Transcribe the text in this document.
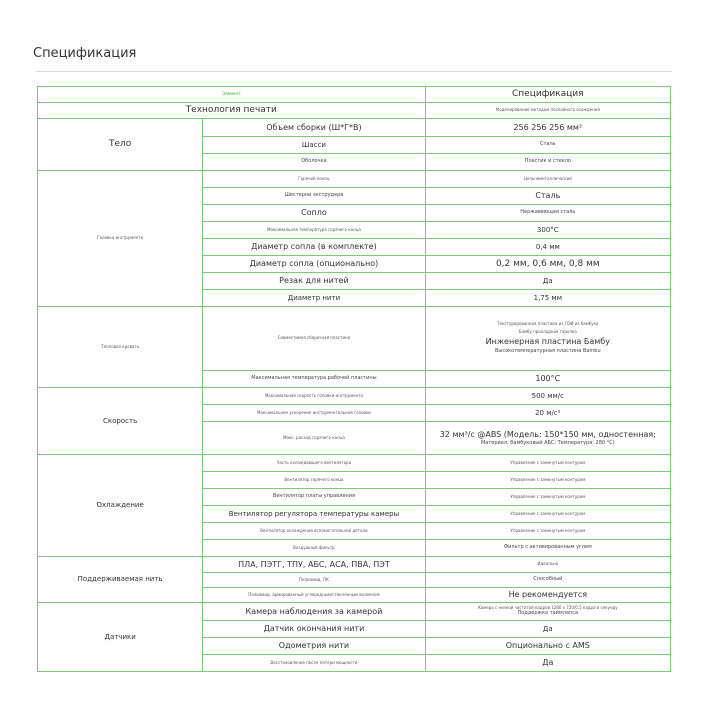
Спецификация
Элемент		Спецификация
Технология печати		Моделирование методом послойного осаждения
Тело	Объем сборки (Ш*Г*В)	256 256 256 мм²
	Шасси	Сталь
	Оболочка	Пластик и стекло
Головка инструмента	Горячий конец	Цельнометаллический
	Шестерни экструдера	Сталь
	Сопло	Нержавеющая сталь
	Максимальная температура горячего конца	300°C
	Диаметр сопла (в комплекте)	0,4 мм
	Диаметр сопла (опционально)	0,2 мм, 0,6 мм, 0,8 мм
	Резак для нитей	Да
	Диаметр нити	1,75 мм
Тепловая кровать	Совместимая сборочная пластина	Текстурированная пластина из ПЭИ из бамбука
Бамбу прохладная тарелка
Инженерная пластина Бамбу
Высокотемпературная пластина Bambu

	Максимальная температура рабочей пластины	100°C
Скорость	Максимальная скорость головки инструмента	500 мм/с
	Максимальное ускорение инструментальной головки	20 м/с²
	Макс. расход горячего конца	32 мм³/с @ABS (Модель: 150*150 мм, одностенная;
Материал: бамбуковый АБС; Температура: 280 °C)

Охлаждение	Часть охлаждающего вентилятора	Управление с замкнутым контуром
	Вентилятор горячего конца	Управление с замкнутым контуром
	Вентилятор платы управления	Управление с замкнутым контуром
	Вентилятор регулятора температуры камеры	Управление с замкнутым контуром
	Вентилятор охлаждения вспомогательной детали	Управление с замкнутым контуром
	Воздушный фильтр	Фильтр с активированным углем
Поддерживаемая нить	ПЛА, ПЭТГ, ТПУ, АБС, АСА, ПВА, ПЭТ	Идеально
	Полиамид, ПК	Способный
	Полиамид, армированный углеродным/стеклянным волокном	Не рекомендуется
Датчики	Камера наблюдения за камерой	Камера с низкой частотой кадров 1280 x 720/0,5 кадра в секунду
Поддержка таймлапса

	Датчик окончания нити	Да
	Одометрия нити	Опционально с AMS
	Восстановление после потери мощности	Да
